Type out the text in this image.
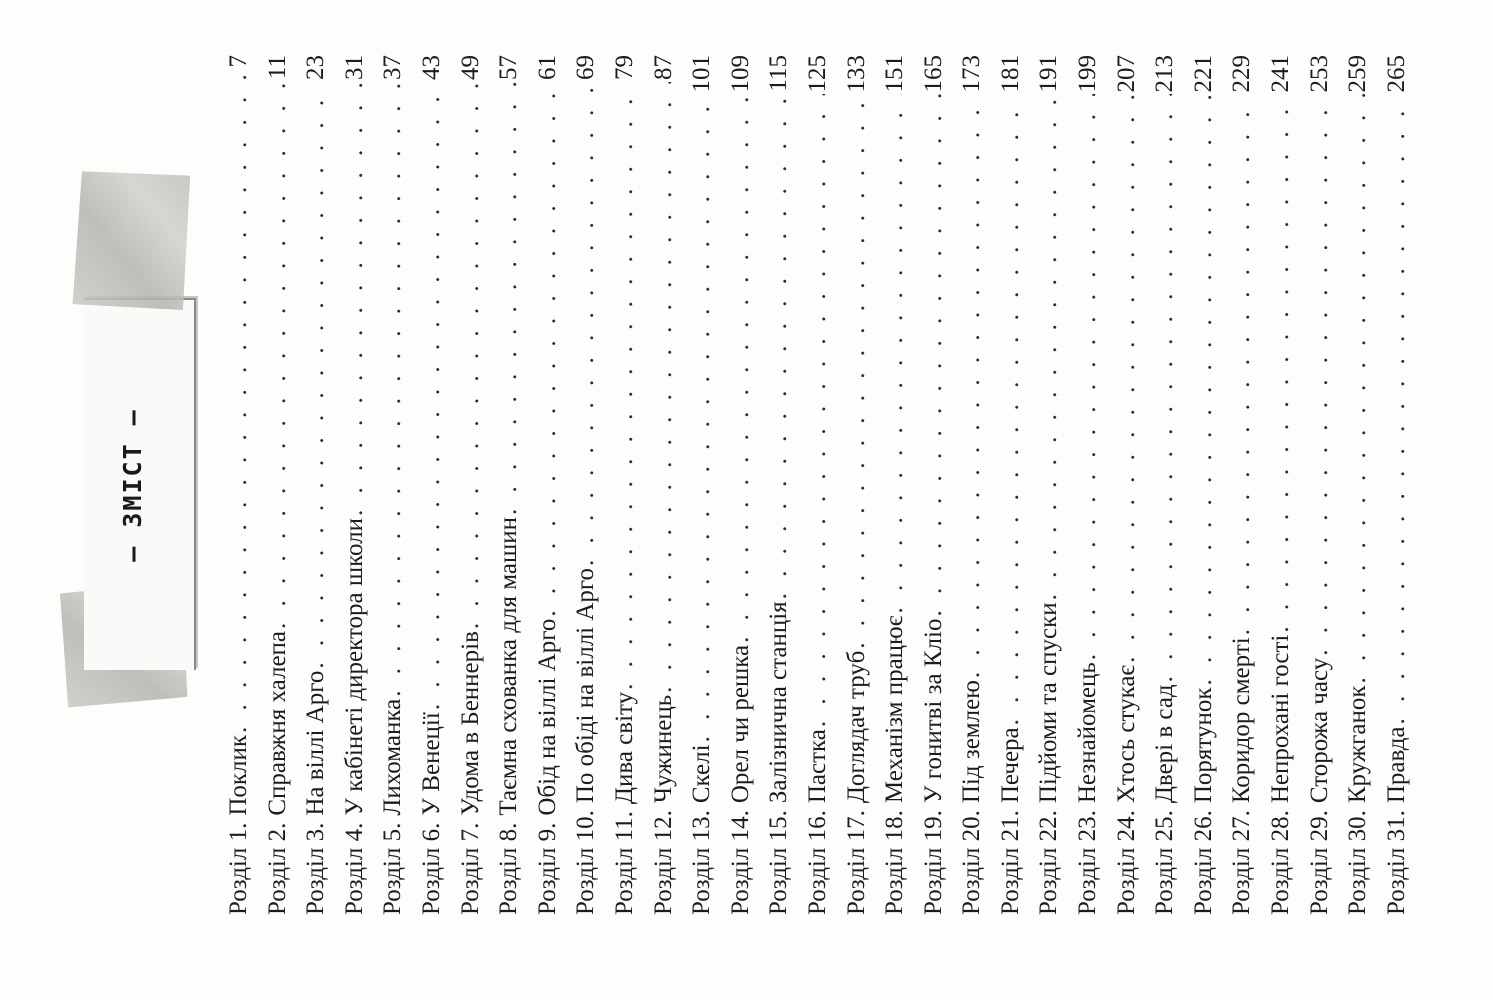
– ЗМІСТ –
Розділ 1.
Поклик
. . .
7
Розділ 2.
Справжня халепа
. . .
11
Розділ 3.
На віллі Арго
. . .
23
Розділ 4.
У кабінеті директора школи
. . .
31
Розділ 5.
Лихоманка
. . .
37
Розділ 6.
У Венеції
. . .
43
Розділ 7.
Удома в Беннерів
. . .
49
Розділ 8.
Таємна схованка для машин
. . .
57
Розділ 9.
Обід на віллі Арго
. . .
61
Розділ 10.
По обіді на віллі Арго
. . .
69
Розділ 11.
Дива світу
. . .
79
Розділ 12.
Чужинець
. . .
87
Розділ 13.
Скелі
. . .
101
Розділ 14.
Орел чи решка
. . .
109
Розділ 15.
Залізнична станція
. . .
115
Розділ 16.
Пастка
. . .
125
Розділ 17.
Доглядач труб
. . .
133
Розділ 18.
Механізм працює
. . .
151
Розділ 19.
У гонитві за Кліо
. . .
165
Розділ 20.
Під землею
. . .
173
Розділ 21.
Печера
. . .
181
Розділ 22.
Підйоми та спуски
. . .
191
Розділ 23.
Незнайомець
. . .
199
Розділ 24.
Хтось стукає
. . .
207
Розділ 25.
Двері в сад
. . .
213
Розділ 26.
Порятунок
. . .
221
Розділ 27.
Коридор смерті
. . .
229
Розділ 28.
Непрохані гості
. . .
241
Розділ 29.
Сторожа часу
. . .
253
Розділ 30.
Кружганок
. . .
259
Розділ 31.
Правда
. . .
265
